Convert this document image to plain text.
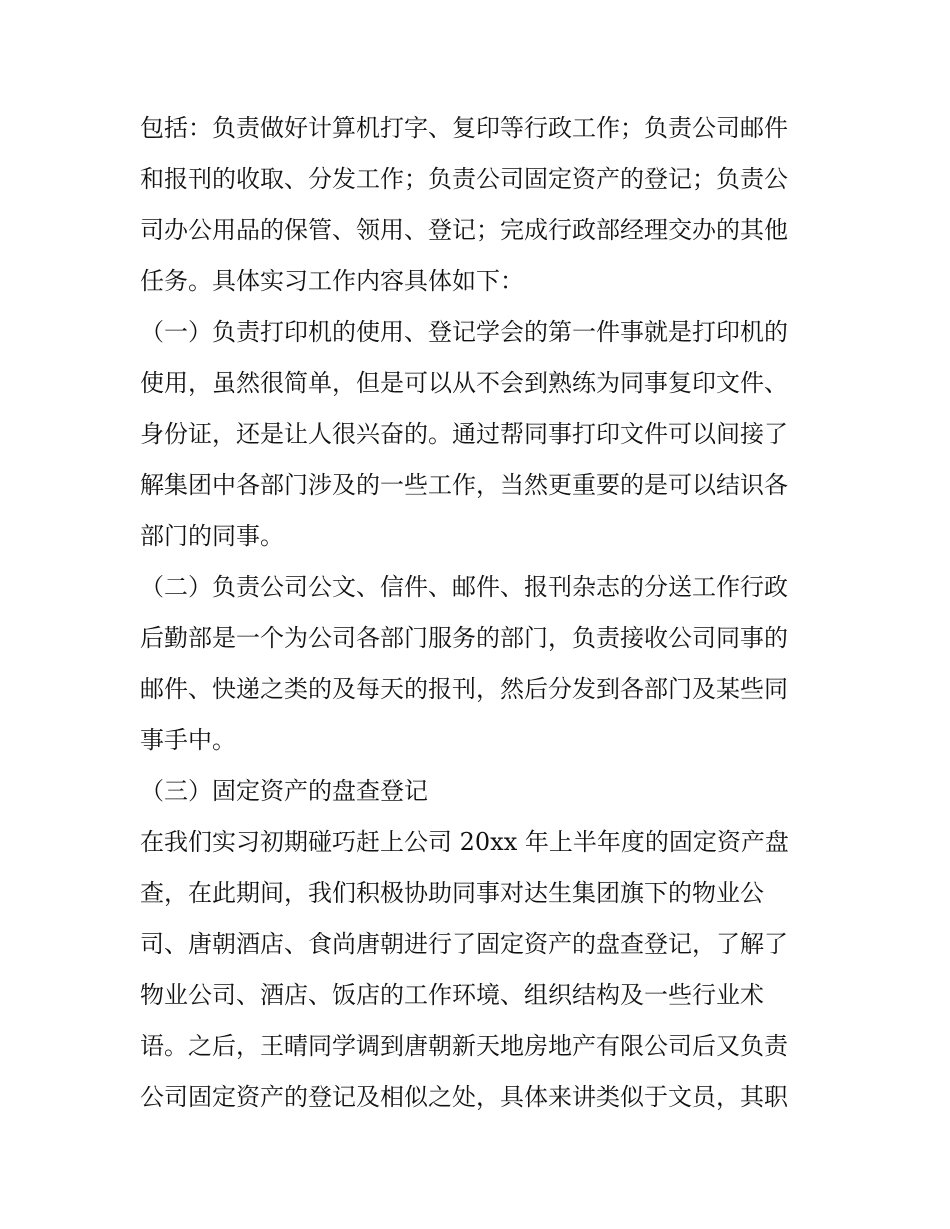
包括：负责做好计算机打字、复印等行政工作；负责公司邮件
和报刊的收取、分发工作；负责公司固定资产的登记；负责公
司办公用品的保管、领用、登记；完成行政部经理交办的其他
任务。具体实习工作内容具体如下：
（一）负责打印机的使用、登记学会的第一件事就是打印机的
使用，虽然很简单，但是可以从不会到熟练为同事复印文件、
身份证，还是让人很兴奋的。通过帮同事打印文件可以间接了
解集团中各部门涉及的一些工作，当然更重要的是可以结识各
部门的同事。
（二）负责公司公文、信件、邮件、报刊杂志的分送工作行政
后勤部是一个为公司各部门服务的部门，负责接收公司同事的
邮件、快递之类的及每天的报刊，然后分发到各部门及某些同
事手中。
（三）固定资产的盘查登记
在我们实习初期碰巧赶上公司 20xx 年上半年度的固定资产盘
查，在此期间，我们积极协助同事对达生集团旗下的物业公
司、唐朝酒店、食尚唐朝进行了固定资产的盘查登记，了解了
物业公司、酒店、饭店的工作环境、组织结构及一些行业术
语。之后，王晴同学调到唐朝新天地房地产有限公司后又负责
公司固定资产的登记及相似之处，具体来讲类似于文员，其职
